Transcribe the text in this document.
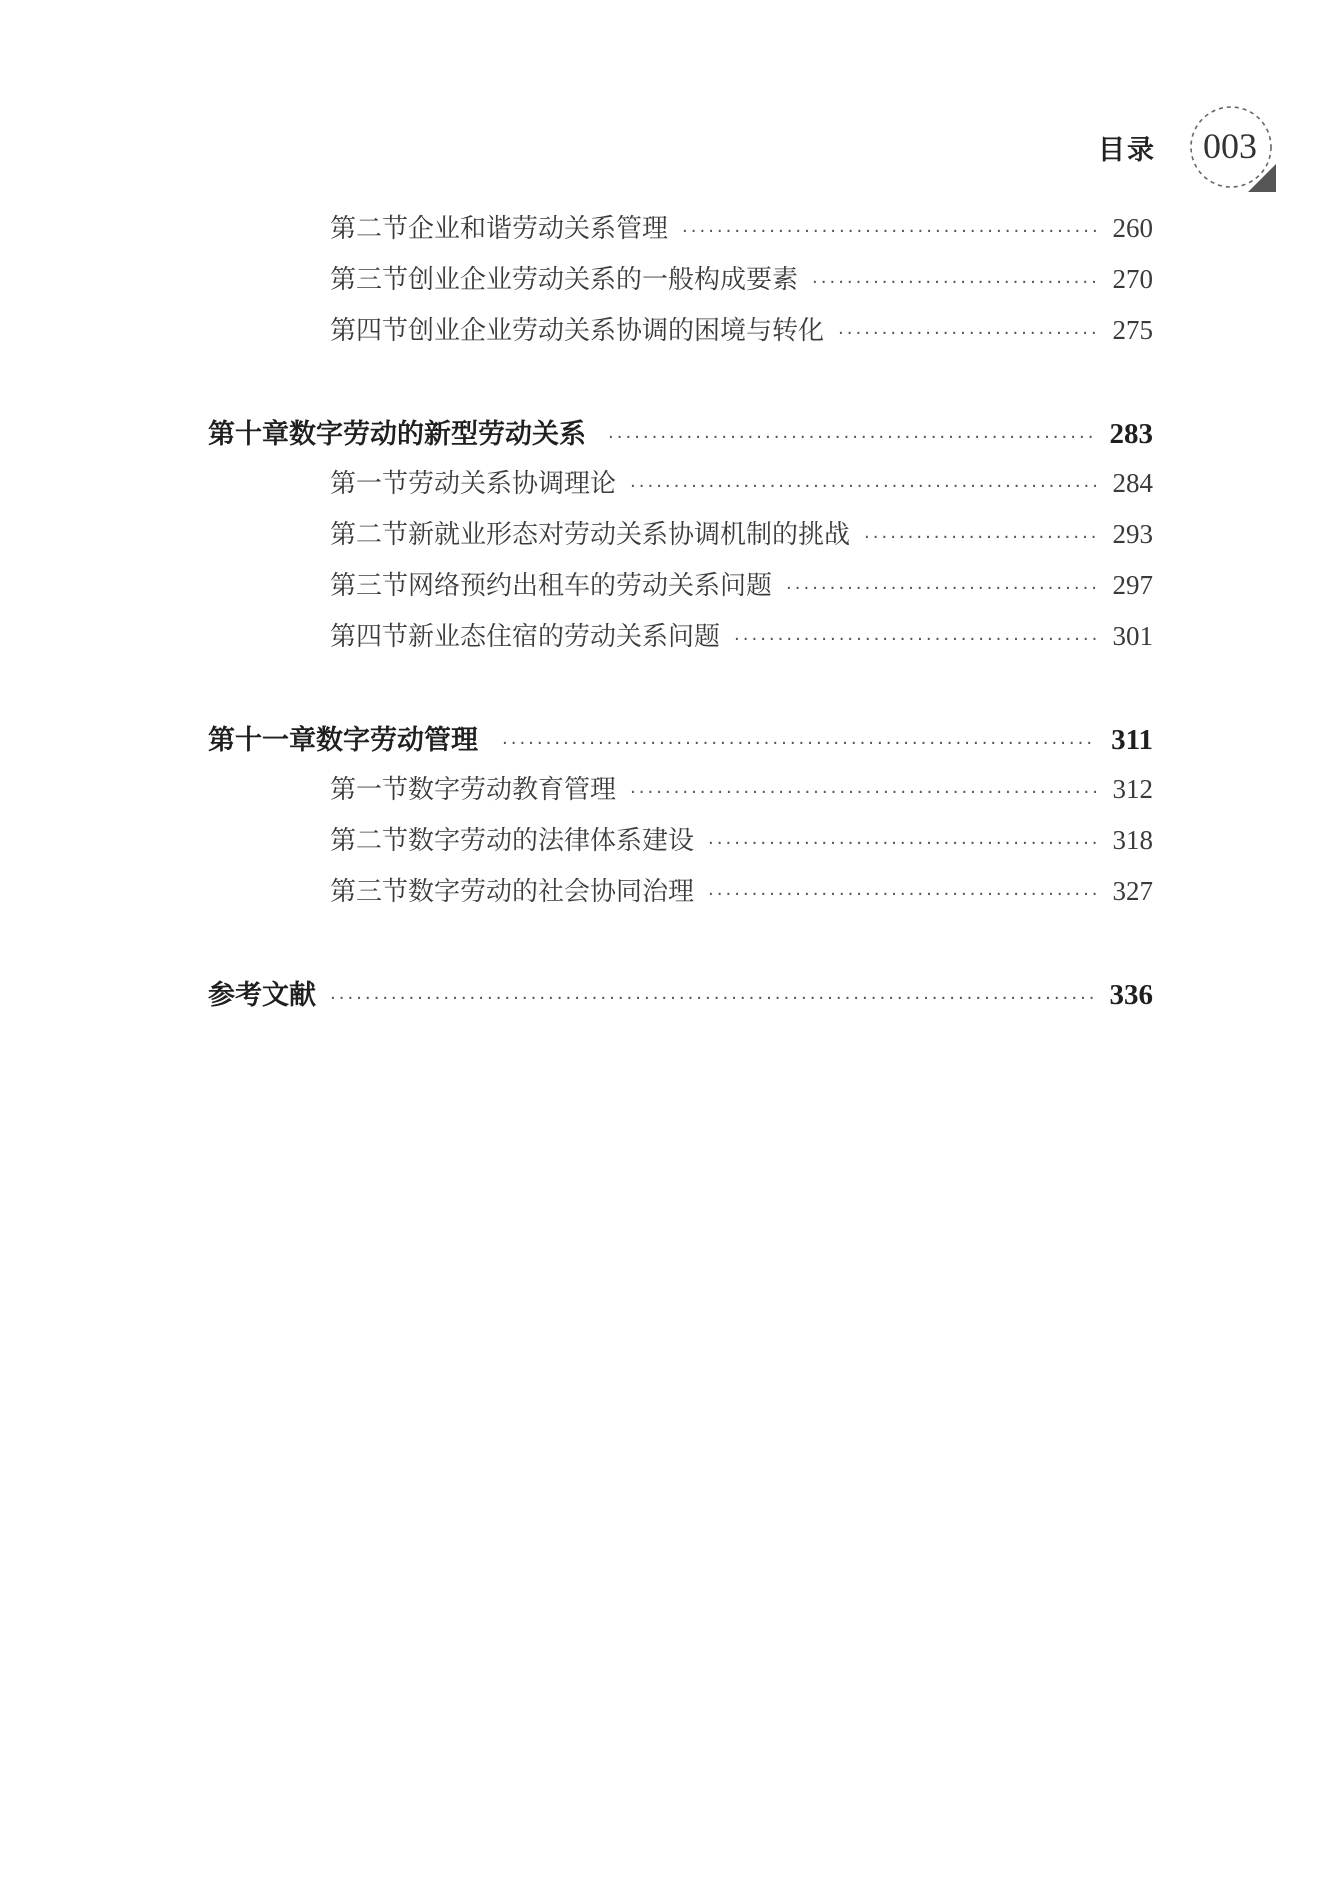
目录	003
第二节 企业和谐劳动关系管理 ·····	260
第三节 创业企业劳动关系的一般构成要素 ·····	270
第四节 创业企业劳动关系协调的困境与转化 ·····	275
第十章 数字劳动的新型劳动关系 ·····	283
第一节 劳动关系协调理论 ·····	284
第二节 新就业形态对劳动关系协调机制的挑战 ·····	293
第三节 网络预约出租车的劳动关系问题 ·····	297
第四节 新业态住宿的劳动关系问题 ·····	301
第十一章 数字劳动管理 ·····	311
第一节 数字劳动教育管理 ·····	312
第二节 数字劳动的法律体系建设 ·····	318
第三节 数字劳动的社会协同治理 ·····	327
参考文献 ·····	336
